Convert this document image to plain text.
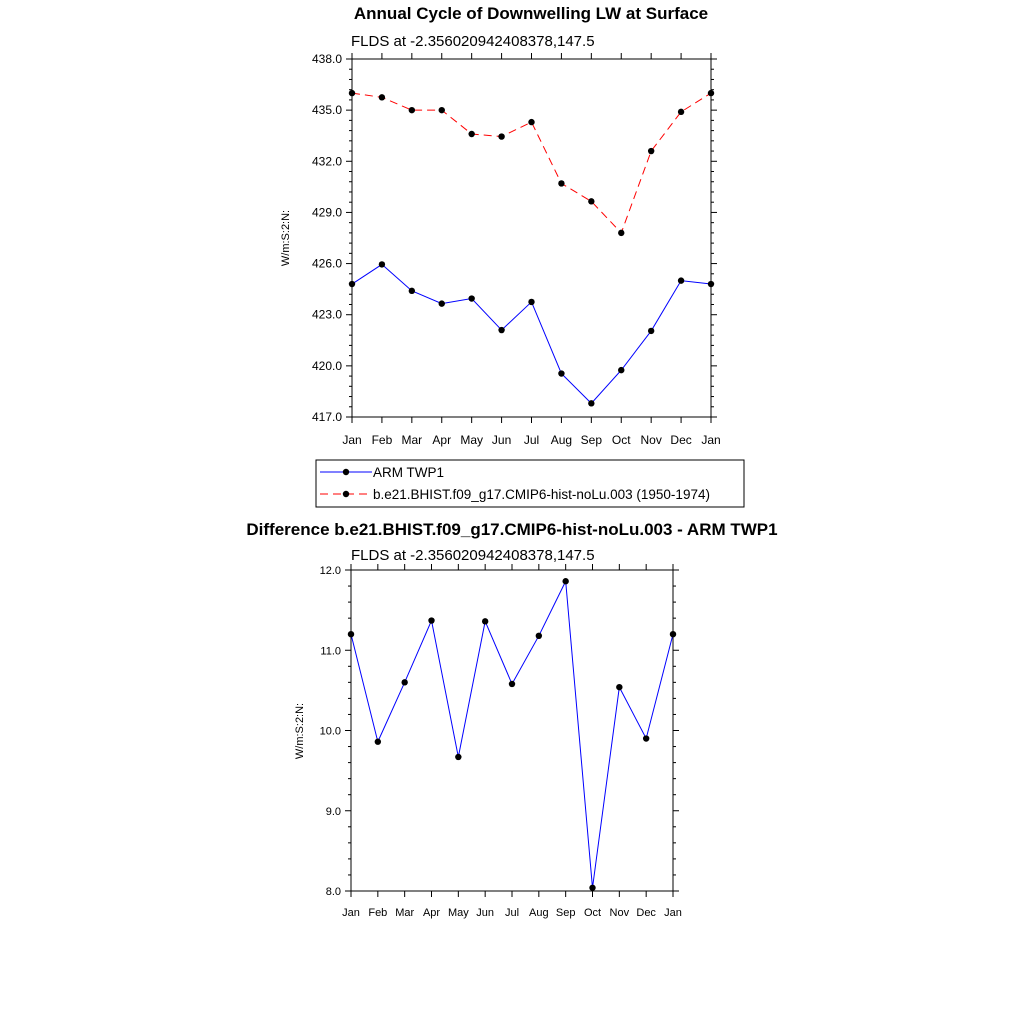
Annual Cycle of Downwelling LW at Surface
FLDS at -2.356020942408378,147.5
W/m:S:2:N:
417.0
420.0
423.0
426.0
429.0
432.0
435.0
438.0
Jan Feb Mar Apr May Jun Jul Aug Sep Oct Nov Dec Jan
ARM TWP1
b.e21.BHIST.f09_g17.CMIP6-hist-noLu.003 (1950-1974)
Difference b.e21.BHIST.f09_g17.CMIP6-hist-noLu.003 - ARM TWP1
FLDS at -2.356020942408378,147.5
W/m:S:2:N:
8.0
9.0
10.0
11.0
12.0
Jan Feb Mar Apr May Jun Jul Aug Sep Oct Nov Dec Jan
